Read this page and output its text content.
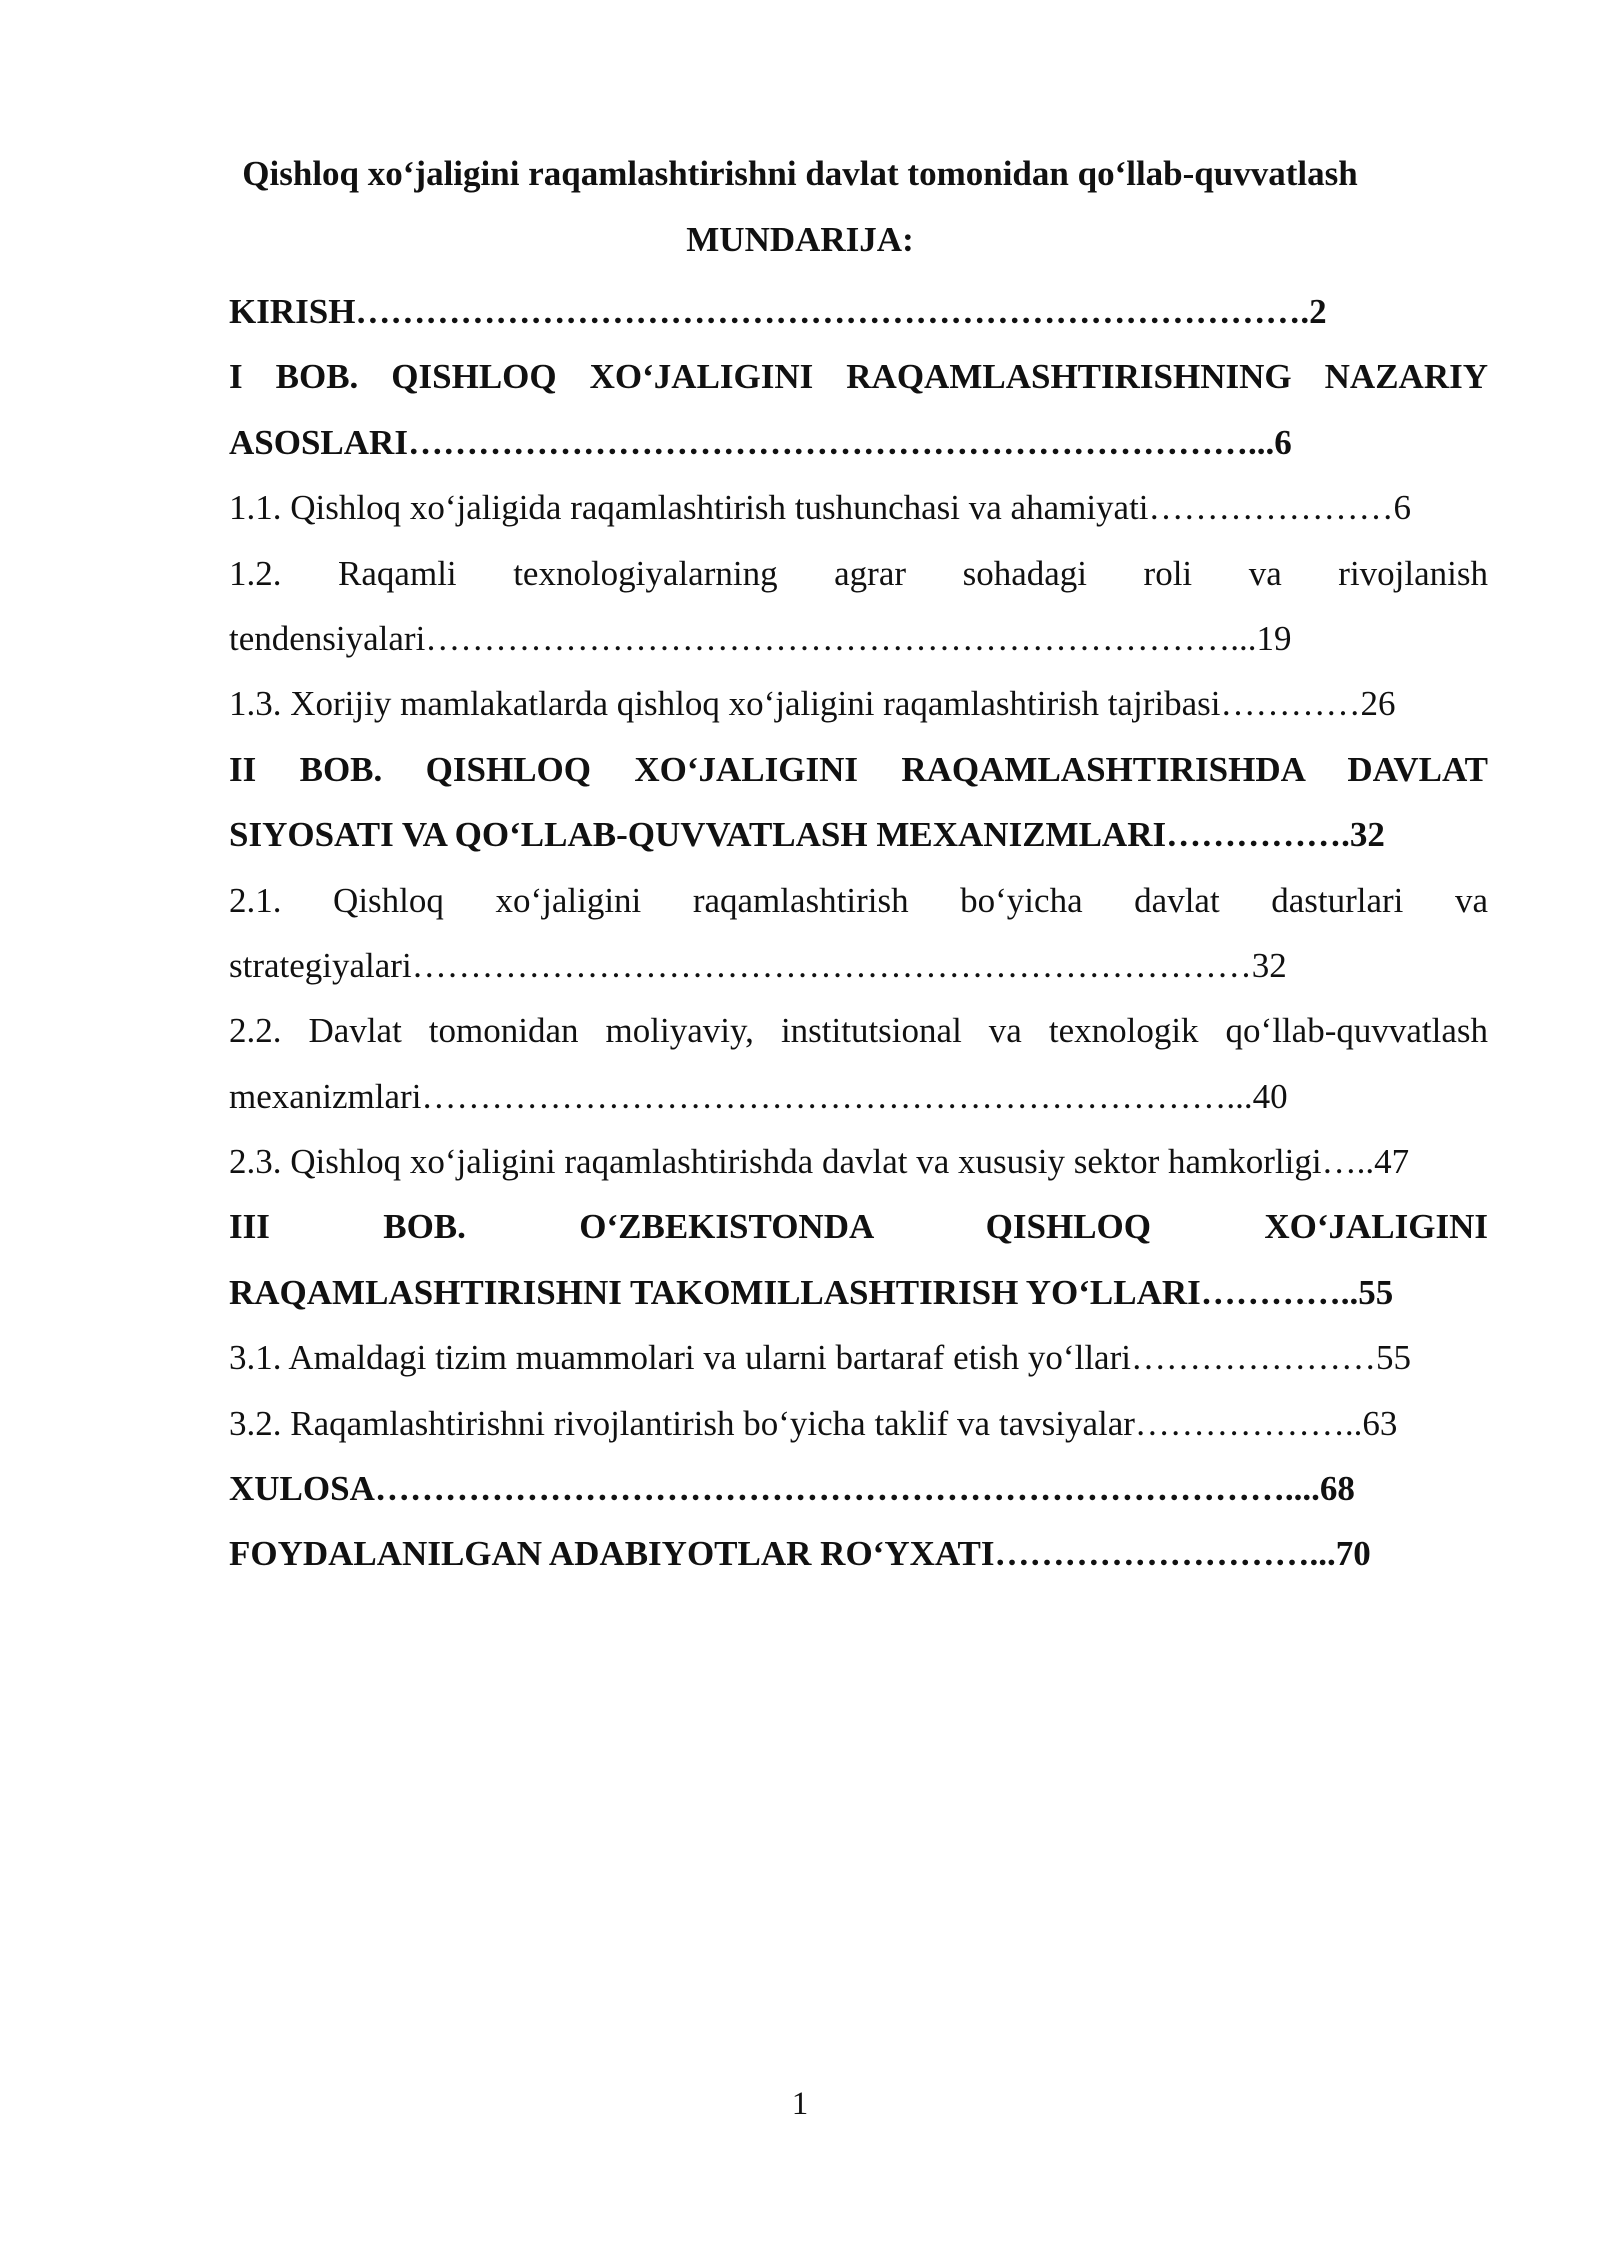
Qishloq xo‘jaligini raqamlashtirishni davlat tomonidan qo‘llab-quvvatlash
MUNDARIJA:
KIRISH……………………………………………………………………….2
I BOB. QISHLOQ XO‘JALIGINI RAQAMLASHTIRISHNING NAZARIY
ASOSLARI………………………………………………………………...6
1.1. Qishloq xo‘jaligida raqamlashtirish tushunchasi va ahamiyati…………………6
1.2. Raqamli texnologiyalarning agrar sohadagi roli va rivojlanish
tendensiyalari……………………………………………………………...19
1.3. Xorijiy mamlakatlarda qishloq xo‘jaligini raqamlashtirish tajribasi…………26
II BOB. QISHLOQ XO‘JALIGINI RAQAMLASHTIRISHDA DAVLAT
SIYOSATI VA QO‘LLAB-QUVVATLASH MEXANIZMLARI…………….32
2.1. Qishloq xo‘jaligini raqamlashtirish bo‘yicha davlat dasturlari va
strategiyalari………………………………………………………………32
2.2. Davlat tomonidan moliyaviy, institutsional va texnologik qo‘llab-quvvatlash
mexanizmlari……………………………………………………………...40
2.3. Qishloq xo‘jaligini raqamlashtirishda davlat va xususiy sektor hamkorligi…..47
III BOB. O‘ZBEKISTONDA QISHLOQ XO‘JALIGINI
RAQAMLASHTIRISHNI TAKOMILLASHTIRISH YO‘LLARI…………..55
3.1. Amaldagi tizim muammolari va ularni bartaraf etish yo‘llari…………………55
3.2. Raqamlashtirishni rivojlantirish bo‘yicha taklif va tavsiyalar………………..63
XULOSA……………………………………………………………………....68
FOYDALANILGAN ADABIYOTLAR RO‘YXATI………………………...70
1
